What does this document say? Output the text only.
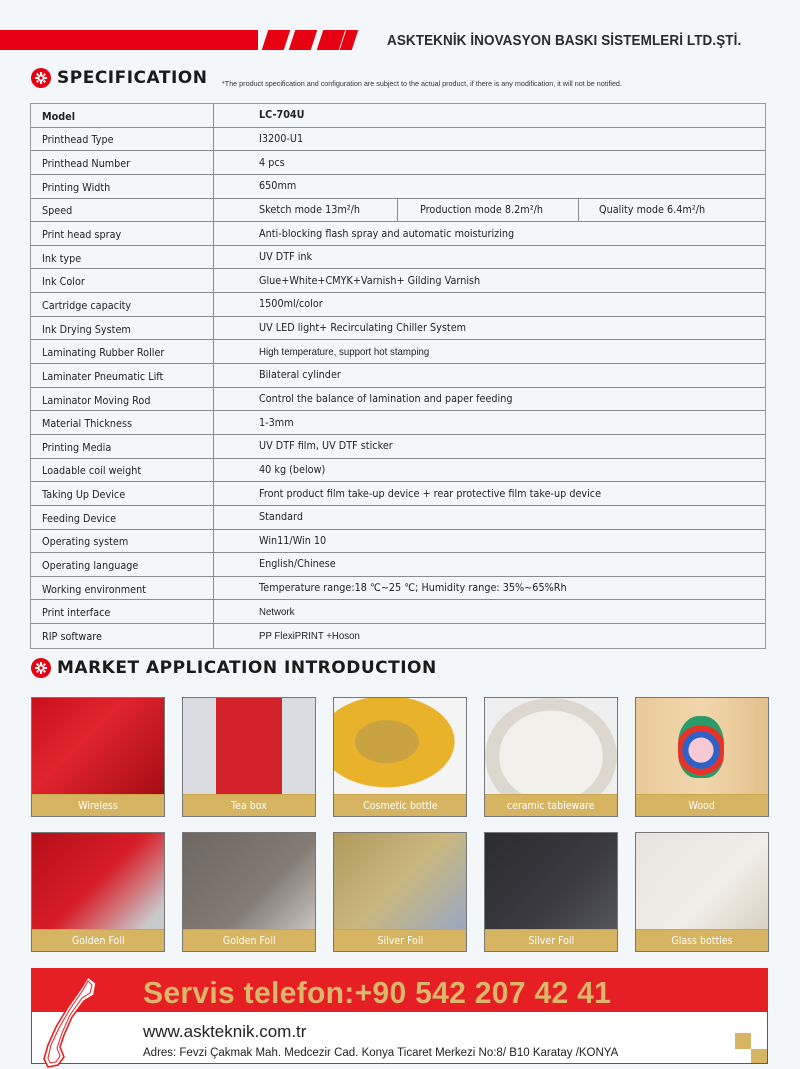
ASKTEKNİK İNOVASYON BASKI SİSTEMLERİ LTD.ŞTİ.
SPECIFICATION *The product specification and configuration are subject to the actual product, if there is any modification, it will not be notified.
Model	LC-704U
Printhead Type	I3200-U1
Printhead Number	4 pcs
Printing Width	650mm
Speed	Sketch mode 13m²/h	Production mode 8.2m²/h	Quality mode 6.4m²/h
Print head spray	Anti-blocking flash spray and automatic moisturizing
Ink type	UV DTF ink
Ink Color	Glue+White+CMYK+Varnish+ Gilding Varnish
Cartridge capacity	1500ml/color
Ink Drying System	UV LED light+ Recirculating Chiller System
Laminating Rubber Roller	High temperature, support hot stamping
Laminater Pneumatic Lift	Bilateral cylinder
Laminator Moving Rod	Control the balance of lamination and paper feeding
Material Thickness	1-3mm
Printing Media	UV DTF film, UV DTF sticker
Loadable coil weight	40 kg (below)
Taking Up Device	Front product film take-up device + rear protective film take-up device
Feeding Device	Standard
Operating system	Win11/Win 10
Operating language	English/Chinese
Working environment	Temperature range:18 ℃~25 ℃; Humidity range: 35%~65%Rh
Print interface	Network
RIP software	PP FlexiPRINT +Hoson
MARKET APPLICATION INTRODUCTION
Wireless	Tea box	Cosmetic bottle	ceramic tableware	Wood
Golden Foil	Golden Foil	Silver Foil	Silver Foil	Glass bottles
Servis telefon:+90 542 207 42 41
www.askteknik.com.tr
Adres: Fevzi Çakmak Mah. Medcezir Cad. Konya Ticaret Merkezi No:8/ B10 Karatay /KONYA
